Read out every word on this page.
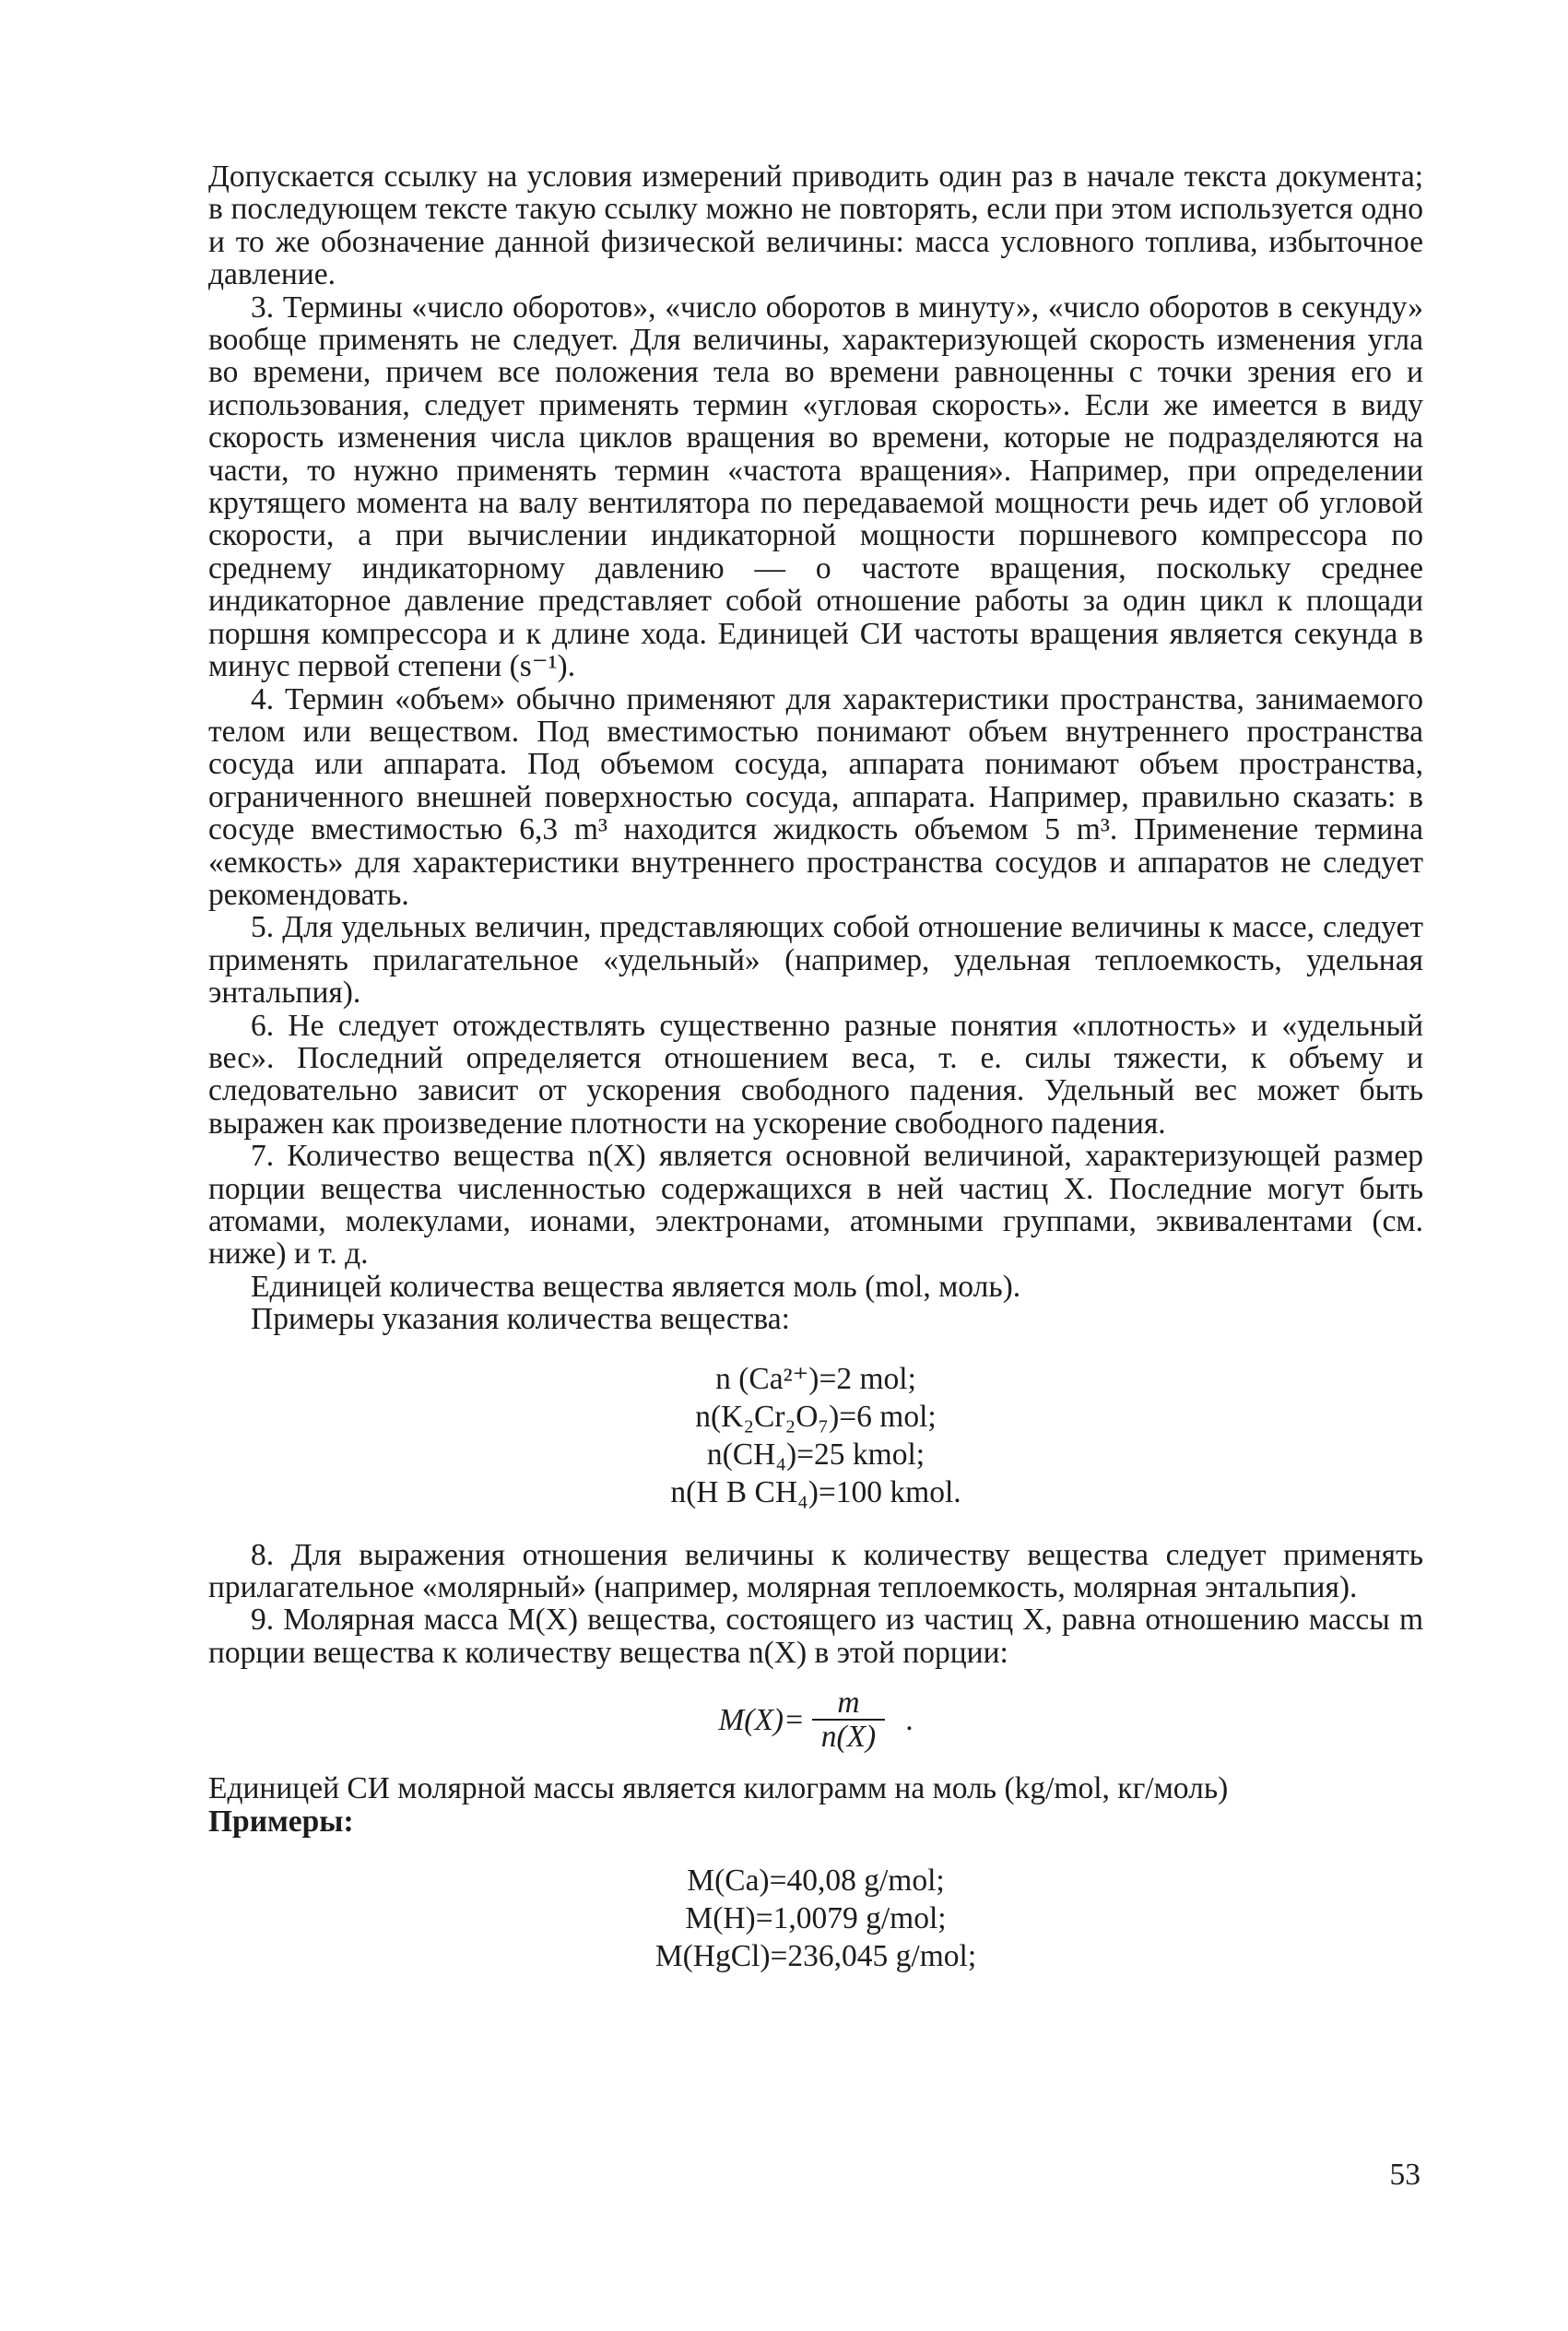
Допускается ссылку на условия измерений приводить один раз в начале текста документа; в последующем тексте такую ссылку можно не повторять, если при этом используется одно и то же обозначение данной физической величины: масса условного топлива, избыточное давление.

3. Термины «число оборотов», «число оборотов в минуту», «число оборотов в секунду» вообще применять не следует. Для величины, характеризующей скорость изменения угла во времени, причем все положения тела во времени равноценны с точки зрения его и использования, следует применять термин «угловая скорость». Если же имеется в виду скорость изменения числа циклов вращения во времени, которые не подразделяются на части, то нужно применять термин «частота вращения». Например, при определении крутящего момента на валу вентилятора по передаваемой мощности речь идет об угловой скорости, а при вычислении индикаторной мощности поршневого компрессора по среднему индикаторному давлению — о частоте вращения, поскольку среднее индикаторное давление представляет собой отношение работы за один цикл к площади поршня компрессора и к длине хода. Единицей СИ частоты вращения является секунда в минус первой степени (s⁻¹).

4. Термин «объем» обычно применяют для характеристики пространства, занимаемого телом или веществом. Под вместимостью понимают объем внутреннего пространства сосуда или аппарата. Под объемом сосуда, аппарата понимают объем пространства, ограниченного внешней поверхностью сосуда, аппарата. Например, правильно сказать: в сосуде вместимостью 6,3 m³ находится жидкость объемом 5 m³. Применение термина «емкость» для характеристики внутреннего пространства сосудов и аппаратов не следует рекомендовать.

5. Для удельных величин, представляющих собой отношение величины к массе, следует применять прилагательное «удельный» (например, удельная теплоемкость, удельная энтальпия).

6. Не следует отождествлять существенно разные понятия «плотность» и «удельный вес». Последний определяется отношением веса, т. е. силы тяжести, к объему и следовательно зависит от ускорения свободного падения. Удельный вес может быть выражен как произведение плотности на ускорение свободного падения.

7. Количество вещества n(X) является основной величиной, характеризующей размер порции вещества численностью содержащихся в ней частиц X. Последние могут быть атомами, молекулами, ионами, электронами, атомными группами, эквивалентами (см. ниже) и т. д.

Единицей количества вещества является моль (mol, моль).

Примеры указания количества вещества:

n (Ca²⁺)=2 mol;
n(K₂Cr₂O₇)=6 mol;
n(CH₄)=25 kmol;
n(H B CH₄)=100 kmol.

8. Для выражения отношения величины к количеству вещества следует применять прилагательное «молярный» (например, молярная теплоемкость, молярная энтальпия).

9. Молярная масса M(X) вещества, состоящего из частиц X, равна отношению массы m порции вещества к количеству вещества n(X) в этой порции:

$M(X)= \frac{m}{n(X)}$ .

Единицей СИ молярной массы является килограмм на моль (kg/mol, кг/моль)

Примеры:

M(Ca)=40,08 g/mol;
M(H)=1,0079 g/mol;
M(HgCl)=236,045 g/mol;
53
